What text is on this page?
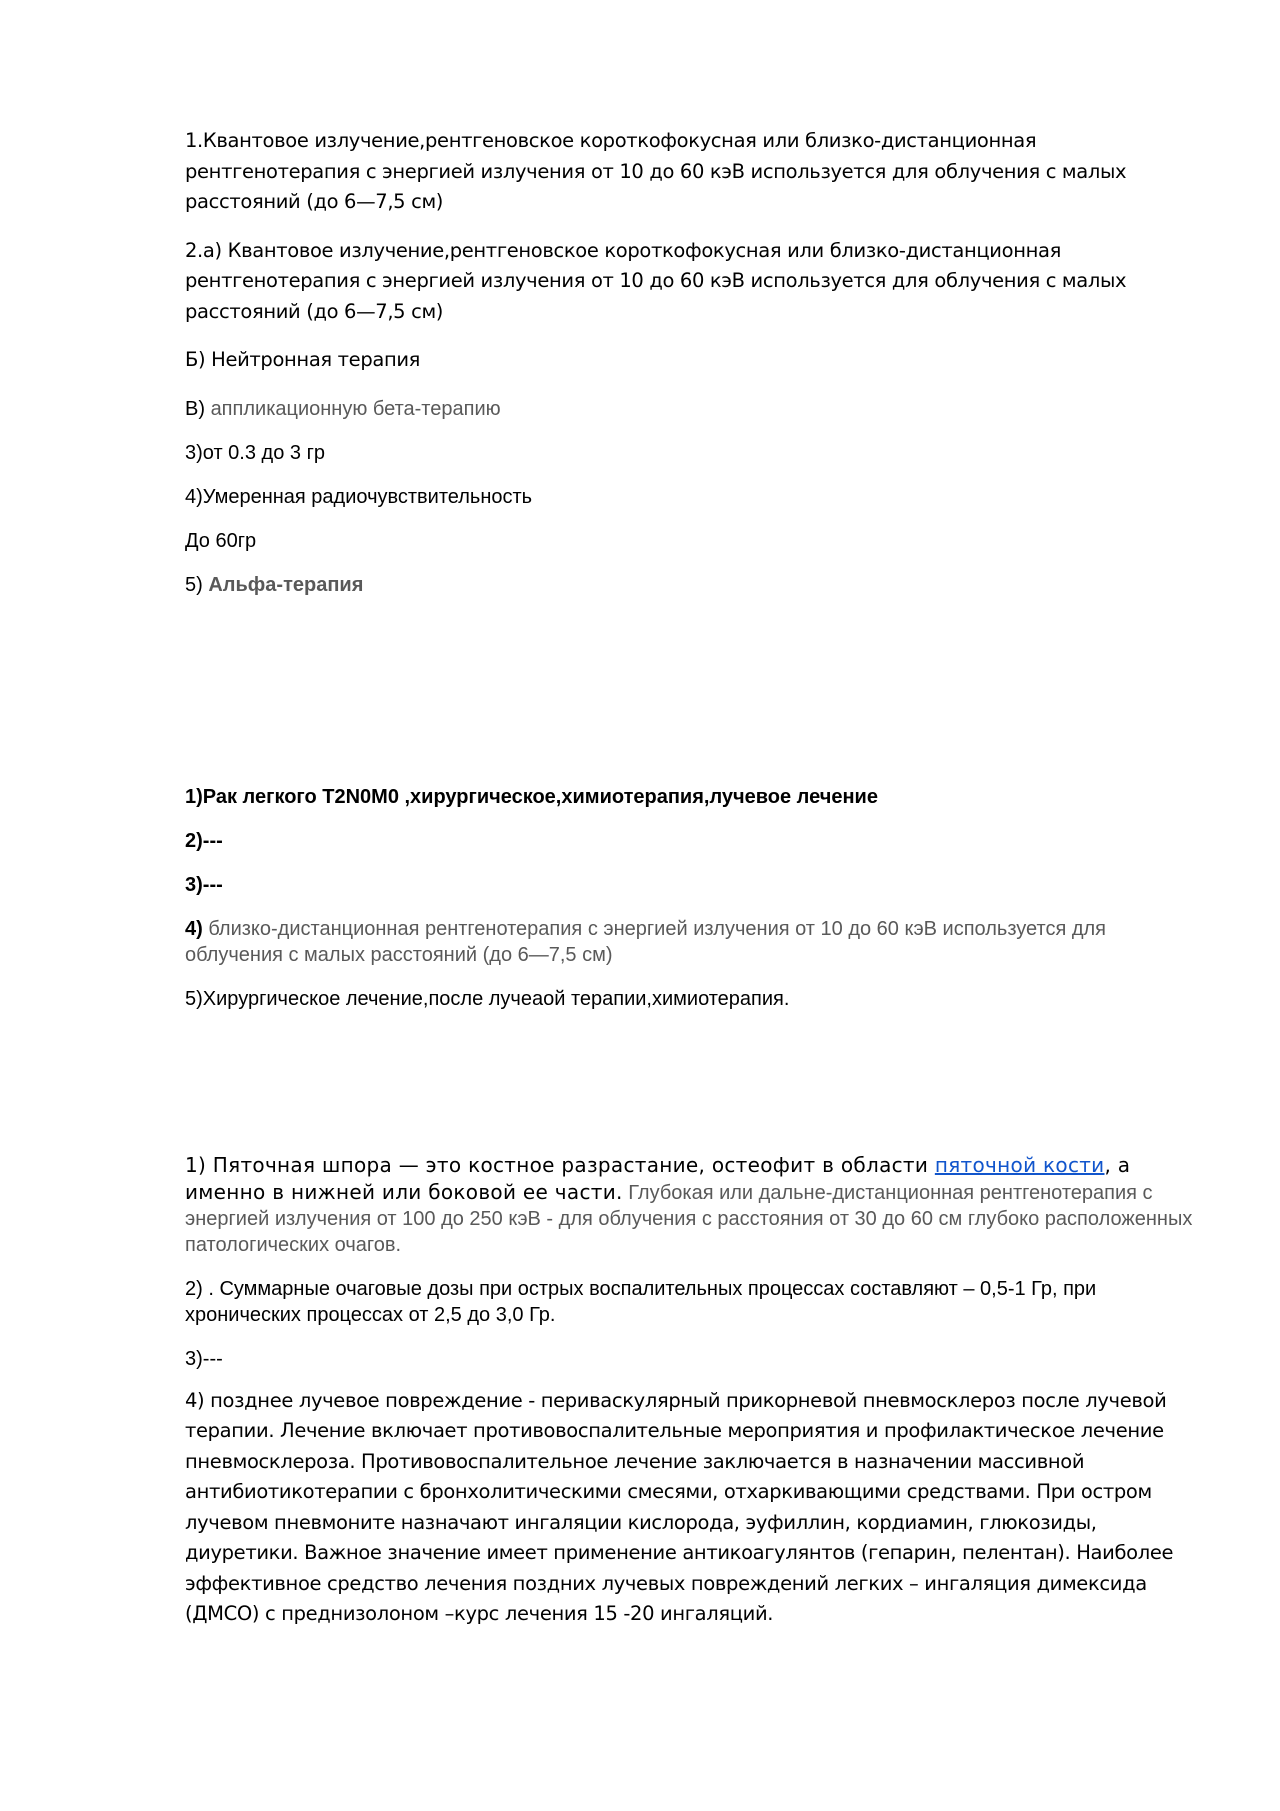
1.Квантовое излучение,рентгеновское короткофокусная или близко-дистанционная рентгенотерапия с энергией излучения от 10 до 60 кэВ используется для облучения с малых расстояний (до 6—7,5 см)

2.а) Квантовое излучение,рентгеновское короткофокусная или близко-дистанционная рентгенотерапия с энергией излучения от 10 до 60 кэВ используется для облучения с малых расстояний (до 6—7,5 см)

Б) Нейтронная терапия

В) аппликационную бета-терапию

3)от 0.3 до 3 гр

4)Умеренная радиочувствительность

До 60гр

5) Альфа-терапия

1)Рак легкого T2N0M0 ,хирургическое,химиотерапия,лучевое лечение

2)---

3)---

4) близко-дистанционная рентгенотерапия с энергией излучения от 10 до 60 кэВ используется для облучения с малых расстояний (до 6—7,5 см)

5)Хирургическое лечение,после лучеаой терапии,химиотерапия.

1) Пяточная шпора — это костное разрастание, остеофит в области пяточной кости, а именно в нижней или боковой ее части. Глубокая или дальне-дистанционная рентгенотерапия с энергией излучения от 100 до 250 кэВ - для облучения с расстояния от 30 до 60 см глубоко расположенных патологических очагов.

2) . Суммарные очаговые дозы при острых воспалительных процессах составляют – 0,5-1 Гр, при хронических процессах от 2,5 до 3,0 Гр.

3)---

4) позднее лучевое повреждение - периваскулярный прикорневой пневмосклероз после лучевой терапии. Лечение включает противовоспалительные мероприятия и профилактическое лечение пневмосклероза. Противовоспалительное лечение заключается в назначении массивной антибиотикотерапии с бронхолитическими смесями, отхаркивающими средствами. При остром лучевом пневмоните назначают ингаляции кислорода, эуфиллин, кордиамин, глюкозиды, диуретики. Важное значение имеет применение антикоагулянтов (гепарин, пелентан). Наиболее эффективное средство лечения поздних лучевых повреждений легких – ингаляция димексида (ДМСО) с преднизолоном –курс лечения 15 -20 ингаляций.
